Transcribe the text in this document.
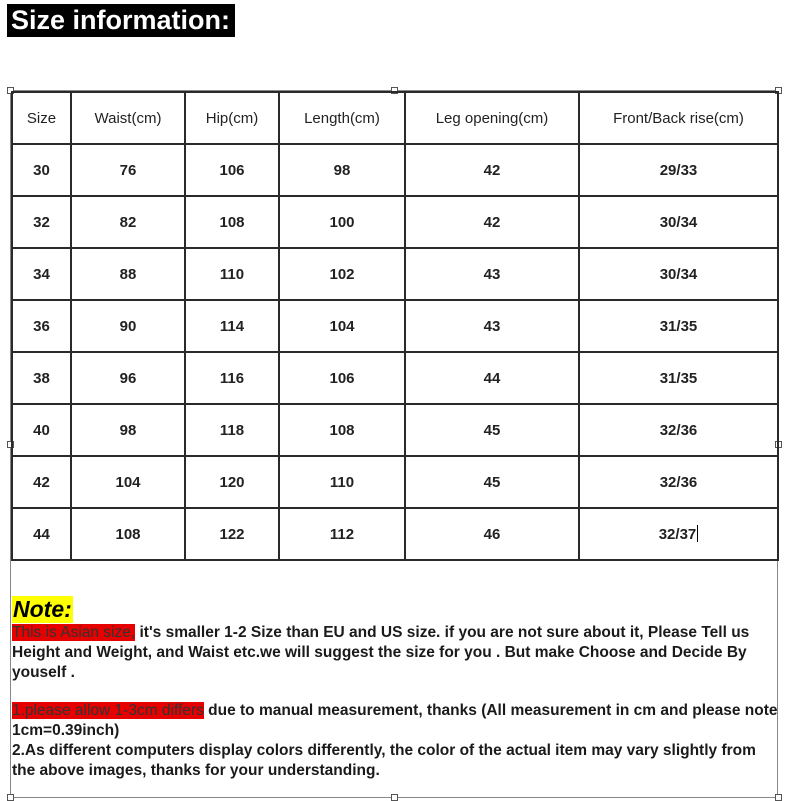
Size information:
Size	Waist(cm)	Hip(cm)	Length(cm)	Leg opening(cm)	Front/Back rise(cm)
30	76	106	98	42	29/33
32	82	108	100	42	30/34
34	88	110	102	43	30/34
36	90	114	104	43	31/35
38	96	116	106	44	31/35
40	98	118	108	45	32/36
42	104	120	110	45	32/36
44	108	122	112	46	32/37
Note:

This is Asian size, it's smaller 1-2 Size than EU and US size. if you are not sure about it, Please Tell us Height and Weight, and Waist etc.we will suggest the size for you . But make Choose and Decide By youself .

1.please allow 1-3cm differs due to manual measurement, thanks (All measurement in cm and please note 1cm=0.39inch)

2.As different computers display colors differently, the color of the actual item may vary slightly from the above images, thanks for your understanding.
